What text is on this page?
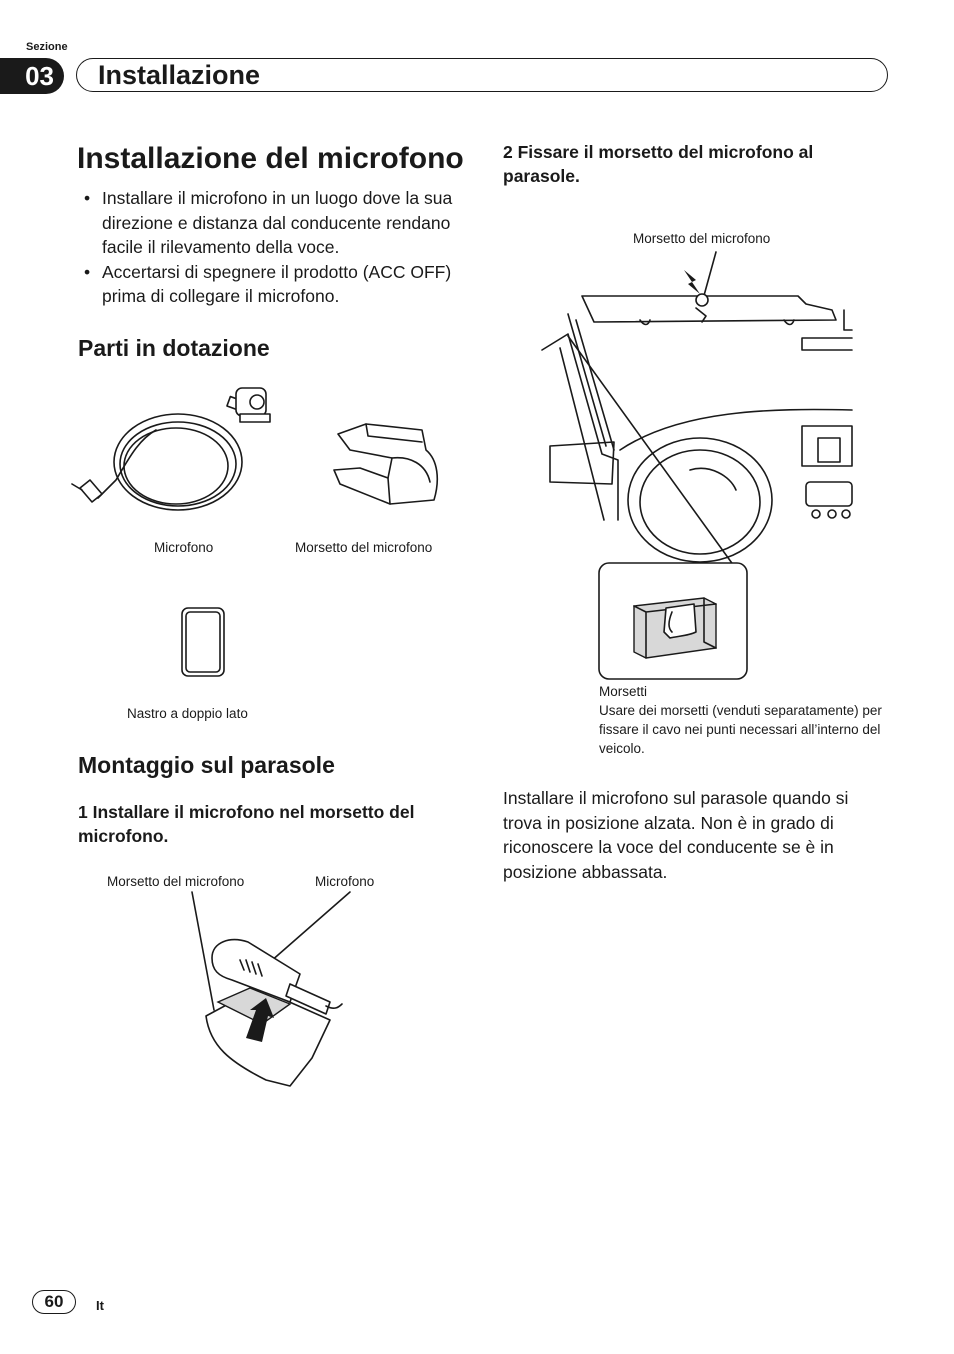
Sezione
03	Installazione
Installazione del microfono
• Installare il microfono in un luogo dove la sua direzione e distanza dal conducente rendano facile il rilevamento della voce.
• Accertarsi di spegnere il prodotto (ACC OFF) prima di collegare il microfono.
Parti in dotazione
Microfono	Morsetto del microfono
Nastro a doppio lato
Montaggio sul parasole
1 Installare il microfono nel morsetto del microfono.
Morsetto del microfono	Microfono
2 Fissare il morsetto del microfono al parasole.
Morsetto del microfono
Morsetti
Usare dei morsetti (venduti separatamente) per fissare il cavo nei punti necessari all’interno del veicolo.
Installare il microfono sul parasole quando si trova in posizione alzata. Non è in grado di riconoscere la voce del conducente se è in posizione abbassata.
60	It
